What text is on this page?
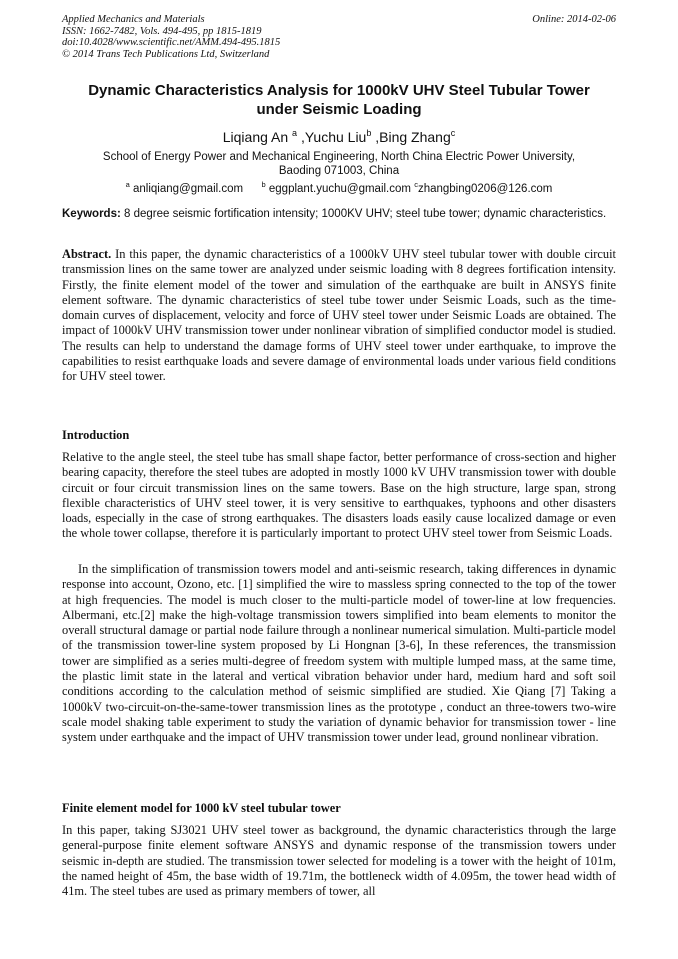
Applied Mechanics and Materials
ISSN: 1662-7482, Vols. 494-495, pp 1815-1819
doi:10.4028/www.scientific.net/AMM.494-495.1815
© 2014 Trans Tech Publications Ltd, Switzerland
Online: 2014-02-06
Dynamic Characteristics Analysis for 1000kV UHV Steel Tubular Tower
under Seismic Loading
Liqiang An $^a$ ,Yuchu Liu$^b$ ,Bing Zhang$^c$
School of Energy Power and Mechanical Engineering, North China Electric Power University,
Baoding 071003, China
$^a$ anliqiang@gmail.com $^b$ eggplant.yuchu@gmail.com $^c$zhangbing0206@126.com
Keywords: 8 degree seismic fortification intensity; 1000KV UHV; steel tube tower; dynamic characteristics.
Abstract. In this paper, the dynamic characteristics of a 1000kV UHV steel tubular tower with double circuit transmission lines on the same tower are analyzed under seismic loading with 8 degrees fortification intensity. Firstly, the finite element model of the tower and simulation of the earthquake are built in ANSYS finite element software. The dynamic characteristics of steel tube tower under Seismic Loads, such as the time-domain curves of displacement, velocity and force of UHV steel tower under Seismic Loads are obtained. The impact of 1000kV UHV transmission tower under nonlinear vibration of simplified conductor model is studied. The results can help to understand the damage forms of UHV steel tower under earthquake, to improve the capabilities to resist earthquake loads and severe damage of environmental loads under various field conditions for UHV steel tower.
Introduction
Relative to the angle steel, the steel tube has small shape factor, better performance of cross-section and higher bearing capacity, therefore the steel tubes are adopted in mostly 1000 kV UHV transmission tower with double circuit or four circuit transmission lines on the same towers. Base on the high structure, large span, strong flexible characteristics of UHV steel tower, it is very sensitive to earthquakes, typhoons and other disasters loads, especially in the case of strong earthquakes. The disasters loads easily cause localized damage or even the whole tower collapse, therefore it is particularly important to protect UHV steel tower from Seismic Loads.
In the simplification of transmission towers model and anti-seismic research, taking differences in dynamic response into account, Ozono, etc. [1] simplified the wire to massless spring connected to the top of the tower at high frequencies. The model is much closer to the multi-particle model of tower-line at low frequencies. Albermani, etc.[2] make the high-voltage transmission towers simplified into beam elements to monitor the overall structural damage or partial node failure through a nonlinear numerical simulation. Multi-particle model of the transmission tower-line system proposed by Li Hongnan [3-6], In these references, the transmission tower are simplified as a series multi-degree of freedom system with multiple lumped mass, at the same time, the plastic limit state in the lateral and vertical vibration behavior under hard, medium hard and soft soil conditions according to the calculation method of seismic simplified are studied. Xie Qiang [7] Taking a 1000kV two-circuit-on-the-same-tower transmission lines as the prototype , conduct an three-towers two-wire scale model shaking table experiment to study the variation of dynamic behavior for transmission tower - line system under earthquake and the impact of UHV transmission tower under lead, ground nonlinear vibration.
Finite element model for 1000 kV steel tubular tower
In this paper, taking SJ3021 UHV steel tower as background, the dynamic characteristics through the large general-purpose finite element software ANSYS and dynamic response of the transmission towers under seismic in-depth are studied. The transmission tower selected for modeling is a tower with the height of 101m, the named height of 45m, the base width of 19.71m, the bottleneck width of 4.095m, the tower head width of 41m. The steel tubes are used as primary members of tower, all
